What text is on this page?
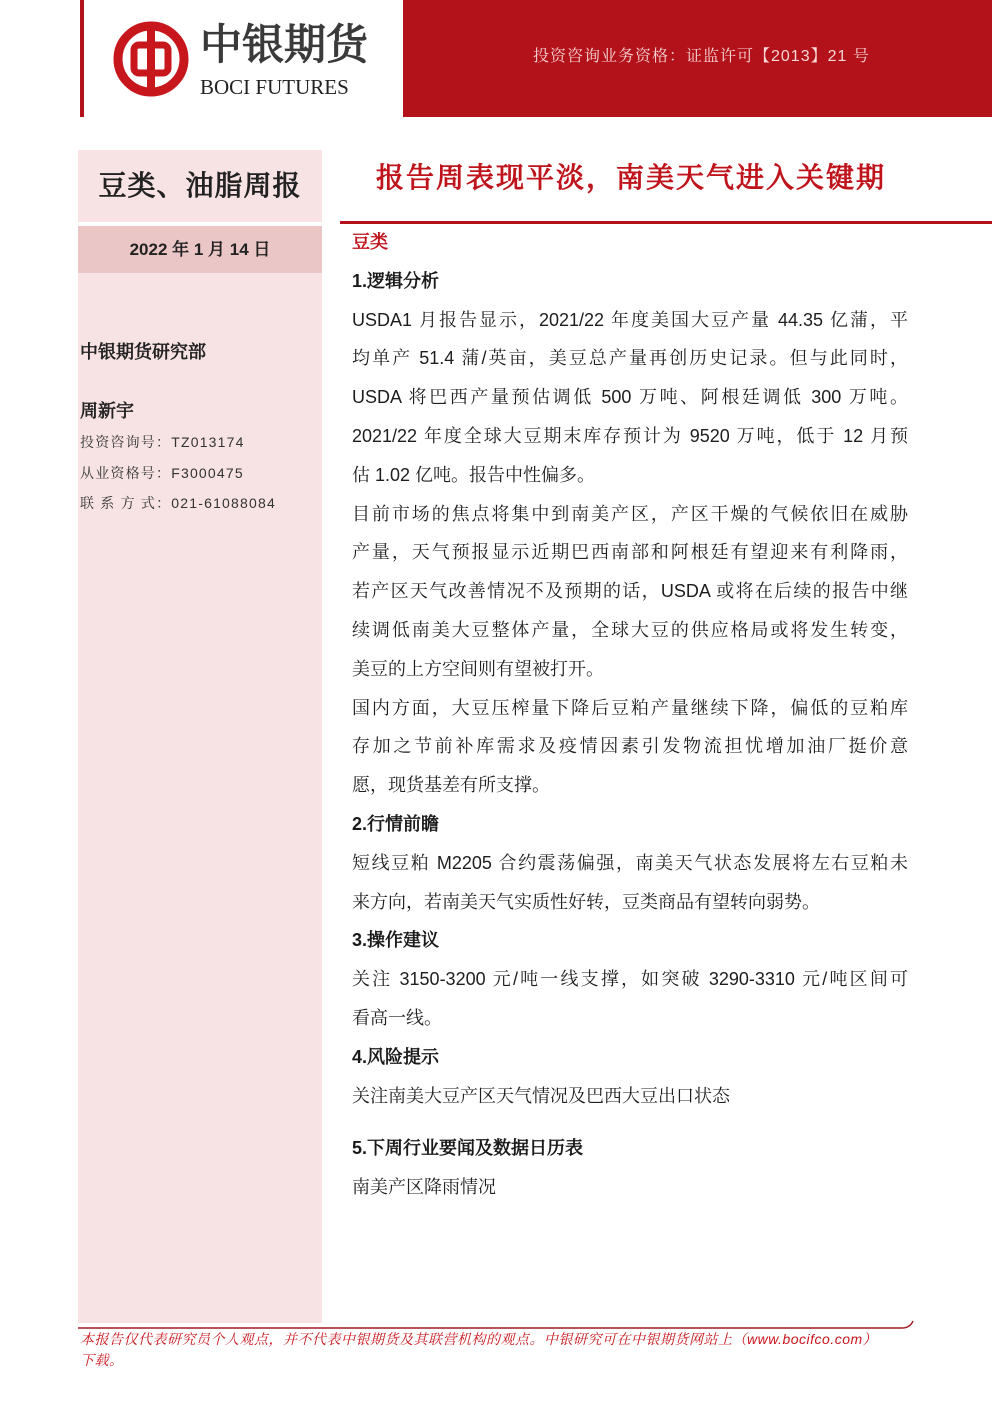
中银期货
BOCI FUTURES
投资咨询业务资格：证监许可【2013】21 号
豆类、油脂周报
2022 年 1 月 14 日
中银期货研究部
周新宇
投资咨询号：TZ013174
从业资格号：F3000475
联 系 方 式：021-61088084
报告周表现平淡，南美天气进入关键期
豆类
1.逻辑分析
USDA1 月报告显示，2021/22 年度美国大豆产量 44.35 亿蒲，平
均单产 51.4 蒲/英亩，美豆总产量再创历史记录。但与此同时，
USDA 将巴西产量预估调低 500 万吨、阿根廷调低 300 万吨。
2021/22 年度全球大豆期末库存预计为 9520 万吨，低于 12 月预
估 1.02 亿吨。报告中性偏多。
目前市场的焦点将集中到南美产区，产区干燥的气候依旧在威胁
产量，天气预报显示近期巴西南部和阿根廷有望迎来有利降雨，
若产区天气改善情况不及预期的话，USDA 或将在后续的报告中继
续调低南美大豆整体产量，全球大豆的供应格局或将发生转变，
美豆的上方空间则有望被打开。
国内方面，大豆压榨量下降后豆粕产量继续下降，偏低的豆粕库
存加之节前补库需求及疫情因素引发物流担忧增加油厂挺价意
愿，现货基差有所支撑。
2.行情前瞻
短线豆粕 M2205 合约震荡偏强，南美天气状态发展将左右豆粕未
来方向，若南美天气实质性好转，豆类商品有望转向弱势。
3.操作建议
关注 3150-3200 元/吨一线支撑，如突破 3290-3310 元/吨区间可
看高一线。
4.风险提示
关注南美大豆产区天气情况及巴西大豆出口状态
5.下周行业要闻及数据日历表
南美产区降雨情况
本报告仅代表研究员个人观点，并不代表中银期货及其联营机构的观点。中银研究可在中银期货网站上（www.bocifco.com）
下载。
